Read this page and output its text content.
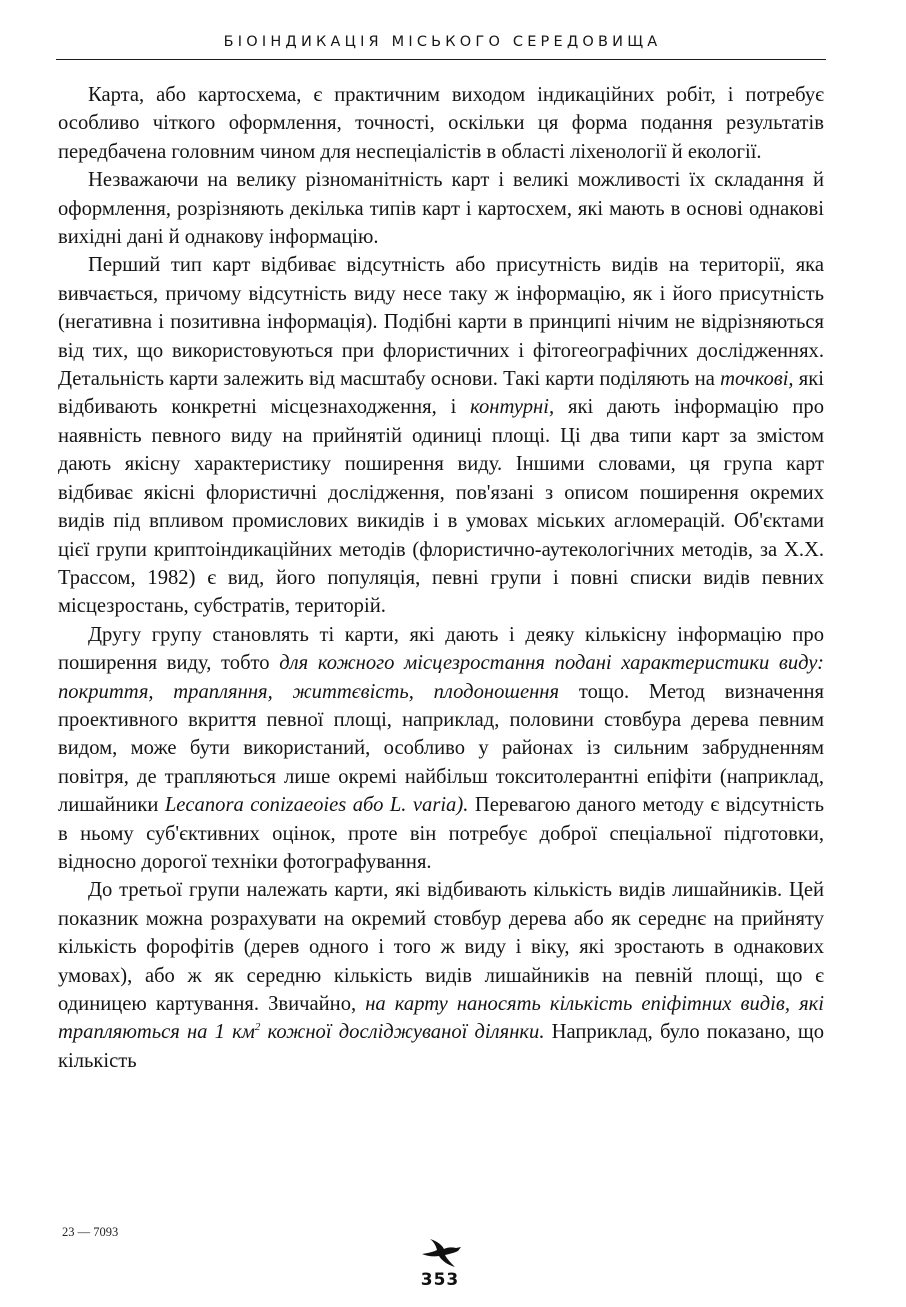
БІОІНДИКАЦІЯ МІСЬКОГО СЕРЕДОВИЩА

Карта, або картосхема, є практичним виходом індикаційних робіт, і потребує особливо чіткого оформлення, точності, оскільки ця форма подання результатів передбачена головним чином для неспеціалістів в області ліхенології й екології.

Незважаючи на велику різноманітність карт і великі можливості їх складання й оформлення, розрізняють декілька типів карт і картосхем, які мають в основі однакові вихідні дані й однакову інформацію.

Перший тип карт відбиває відсутність або присутність видів на території, яка вивчається, причому відсутність виду несе таку ж інформацію, як і його присутність (негативна і позитивна інформація). Подібні карти в принципі нічим не відрізняються від тих, що використовуються при флористичних і фітогеографічних дослідженнях. Детальність карти залежить від масштабу основи. Такі карти поділяють на точкові, які відбивають конкретні місцезнаходження, і контурні, які дають інформацію про наявність певного виду на прийнятій одиниці площі. Ці два типи карт за змістом дають якісну характеристику поширення виду. Іншими словами, ця група карт відбиває якісні флористичні дослідження, пов'язані з описом поширення окремих видів під впливом промислових викидів і в умовах міських агломерацій. Об'єктами цієї групи криптоіндикаційних методів (флористично-аутекологічних методів, за Х.Х. Трассом, 1982) є вид, його популяція, певні групи і повні списки видів певних місцезростань, субстратів, територій.

Другу групу становлять ті карти, які дають і деяку кількісну інформацію про поширення виду, тобто для кожного місцезростання подані характеристики виду: покриття, трапляння, життєвість, плодоношення тощо. Метод визначення проективного вкриття певної площі, наприклад, половини стовбура дерева певним видом, може бути використаний, особливо у районах із сильним забрудненням повітря, де трапляються лише окремі найбільш токситолерантні епіфіти (наприклад, лишайники Lecanora conizaeoies або L. varia). Перевагою даного методу є відсутність в ньому суб'єктивних оцінок, проте він потребує доброї спеціальної підготовки, відносно дорогої техніки фотографування.

До третьої групи належать карти, які відбивають кількість видів лишайників. Цей показник можна розрахувати на окремий стовбур дерева або як середнє на прийняту кількість форофітів (дерев одного і того ж виду і віку, які зростають в однакових умовах), або ж як середню кількість видів лишайників на певній площі, що є одиницею картування. Звичайно, на карту наносять кількість епіфітних видів, які трапляються на 1 $км^2$ кожної досліджуваної ділянки. Наприклад, було показано, що кількість

23 — 7093
353
